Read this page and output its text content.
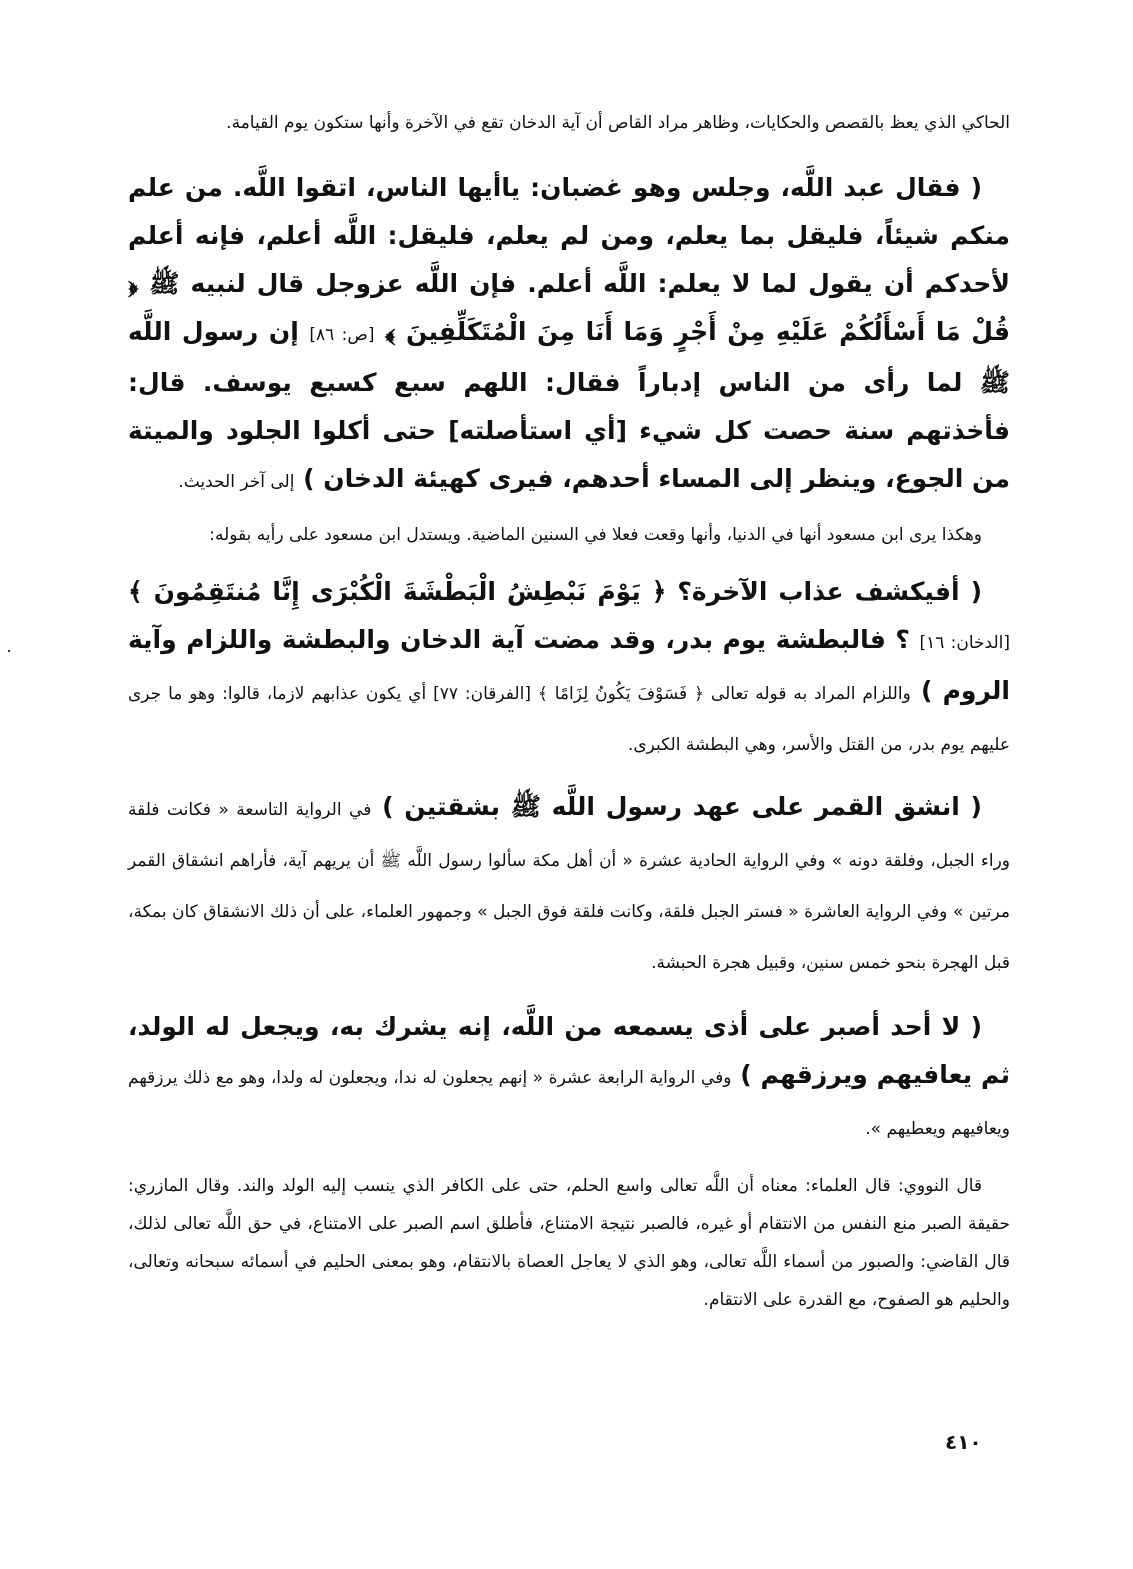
الحاكي الذي يعظ بالقصص والحكايات، وظاهر مراد القاص أن آية الدخان تقع في الآخرة وأنها ستكون يوم القيامة.

( فقال عبد اللَّه، وجلس وهو غضبان: ياأيها الناس، اتقوا اللَّه. من علم منكم شيئاً، فليقل بما يعلم، ومن لم يعلم، فليقل: اللَّه أعلم، فإنه أعلم لأحدكم أن يقول لما لا يعلم: اللَّه أعلم. فإن اللَّه عزوجل قال لنبيه ﷺ ﴿ قُلْ مَا أَسْأَلُكُمْ عَلَيْهِ مِنْ أَجْرٍ وَمَا أَنَا مِنَ الْمُتَكَلِّفِينَ ﴾ [ص: ٨٦] إن رسول اللَّه ﷺ لما رأى من الناس إدباراً فقال: اللهم سبع كسبع يوسف. قال: فأخذتهم سنة حصت كل شيء [أي استأصلته] حتى أكلوا الجلود والميتة من الجوع، وينظر إلى المساء أحدهم، فيرى كهيئة الدخان ) إلى آخر الحديث.

وهكذا يرى ابن مسعود أنها في الدنيا، وأنها وقعت فعلا في السنين الماضية. ويستدل ابن مسعود على رأيه بقوله:

( أفيكشف عذاب الآخرة؟ ﴿ يَوْمَ نَبْطِشُ الْبَطْشَةَ الْكُبْرَى إِنَّا مُنتَقِمُونَ ﴾ [الدخان: ١٦] ؟ فالبطشة يوم بدر، وقد مضت آية الدخان والبطشة واللزام وآية الروم ) واللزام المراد به قوله تعالى ﴿ فَسَوْفَ يَكُونُ لِزَامًا ﴾ [الفرقان: ٧٧] أي يكون عذابهم لازما، قالوا: وهو ما جرى عليهم يوم بدر، من القتل والأسر، وهي البطشة الكبرى.

( انشق القمر على عهد رسول اللَّه ﷺ بشقتين ) في الرواية التاسعة « فكانت فلقة وراء الجبل، وفلقة دونه » وفي الرواية الحادية عشرة « أن أهل مكة سألوا رسول اللَّه ﷺ أن يريهم آية، فأراهم انشقاق القمر مرتين » وفي الرواية العاشرة « فستر الجبل فلقة، وكانت فلقة فوق الجبل » وجمهور العلماء، على أن ذلك الانشقاق كان بمكة، قبل الهجرة بنحو خمس سنين، وقبيل هجرة الحبشة.

( لا أحد أصبر على أذى يسمعه من اللَّه، إنه يشرك به، ويجعل له الولد، ثم يعافيهم ويرزقهم ) وفي الرواية الرابعة عشرة « إنهم يجعلون له ندا، ويجعلون له ولدا، وهو مع ذلك يرزقهم ويعافيهم ويعطيهم ».

قال النووي: قال العلماء: معناه أن اللَّه تعالى واسع الحلم، حتى على الكافر الذي ينسب إليه الولد والند. وقال المازري: حقيقة الصبر منع النفس من الانتقام أو غيره، فالصبر نتيجة الامتناع، فأطلق اسم الصبر على الامتناع، في حق اللَّه تعالى لذلك، قال القاضي: والصبور من أسماء اللَّه تعالى، وهو الذي لا يعاجل العصاة بالانتقام، وهو بمعنى الحليم في أسمائه سبحانه وتعالى، والحليم هو الصفوح، مع القدرة على الانتقام.

٤١٠
